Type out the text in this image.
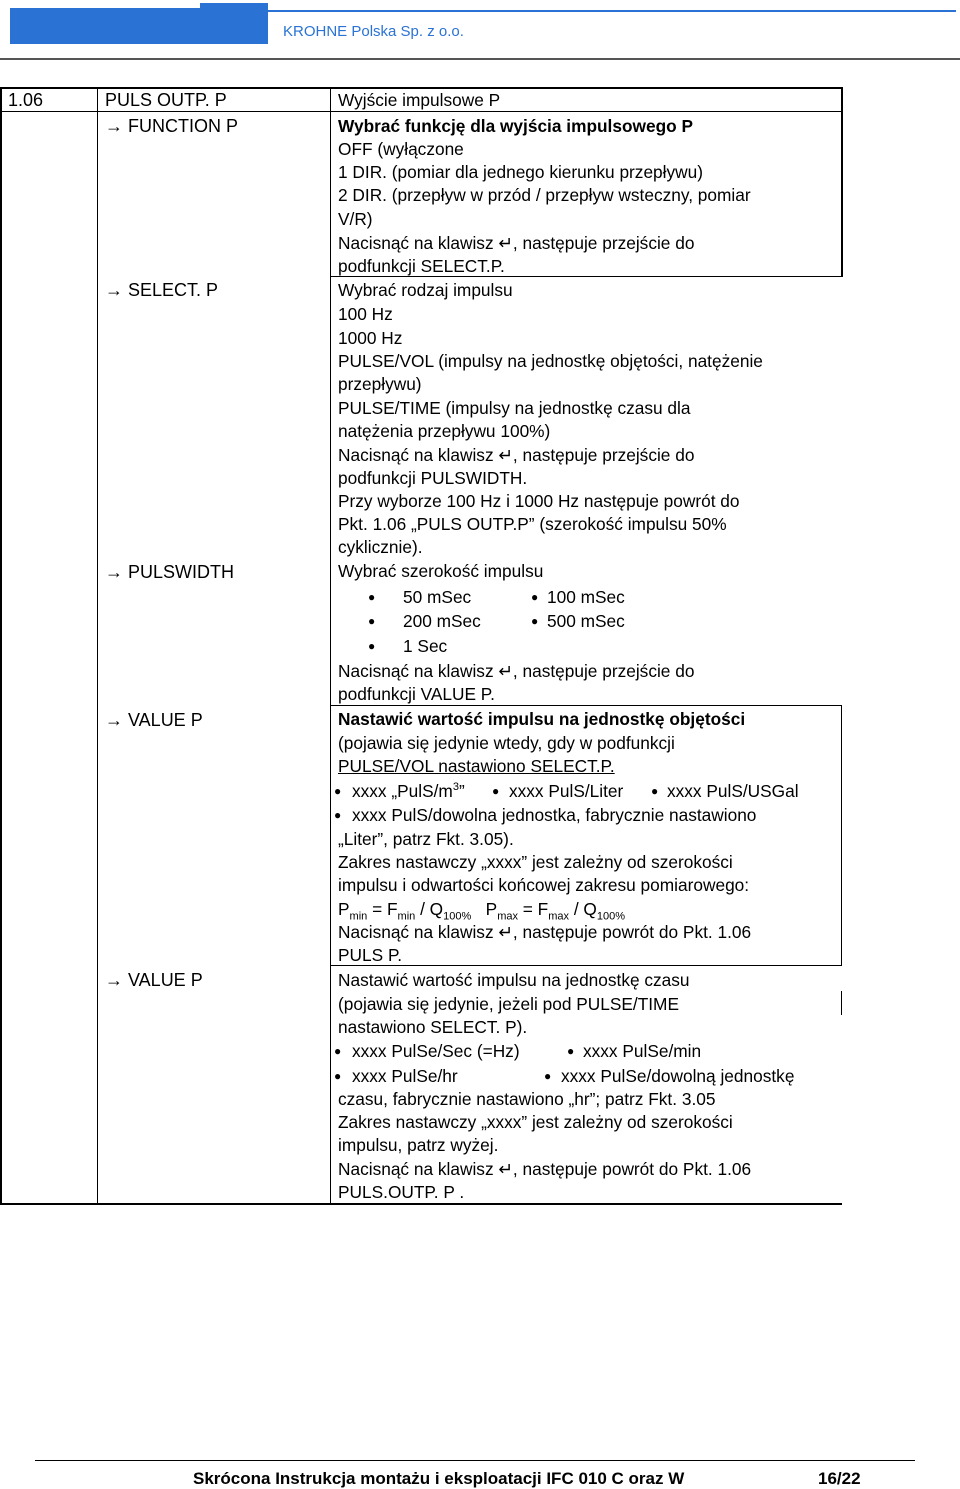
KROHNE Polska Sp. z o.o.
1.06	PULS OUTP. P	Wyjście impulsowe P
→ FUNCTION P	Wybrać funkcję dla wyjścia impulsowego P
OFF (wyłączone
1 DIR. (pomiar dla jednego kierunku przepływu)
2 DIR. (przepływ w przód / przepływ wsteczny, pomiar
V/R)
Nacisnąć na klawisz ↵, następuje przejście do
podfunkcji SELECT.P.
→ SELECT. P	Wybrać rodzaj impulsu
100 Hz
1000 Hz
PULSE/VOL (impulsy na jednostkę objętości, natężenie
przepływu)
PULSE/TIME (impulsy na jednostkę czasu dla
natężenia przepływu 100%)
Nacisnąć na klawisz ↵, następuje przejście do
podfunkcji PULSWIDTH.
Przy wyborze 100 Hz i 1000 Hz następuje powrót do
Pkt. 1.06 „PULS OUTP.P” (szerokość impulsu 50%
cyklicznie).
→ PULSWIDTH	Wybrać szerokość impulsu
● 50 mSec	● 100 mSec
● 200 mSec	● 500 mSec
● 1 Sec
Nacisnąć na klawisz ↵, następuje przejście do
podfunkcji VALUE P.
→ VALUE P	Nastawić wartość impulsu na jednostkę objętości
(pojawia się jedynie wtedy, gdy w podfunkcji
PULSE/VOL nastawiono SELECT.P.
● xxxx $„PulS/m^3$” ● xxxx PulS/Liter ● xxxx PulS/USGal
● xxxx PulS/dowolna jednostka, fabrycznie nastawiono
„Liter”, patrz Fkt. 3.05).
Zakres nastawczy „xxxx” jest zależny od szerokości
impulsu i odwartości końcowej zakresu pomiarowego:
$P_{min} = F_{min} / Q_{100\%}$ $P_{max} = F_{max} / Q_{100\%}$
Nacisnąć na klawisz ↵, następuje powrót do Pkt. 1.06
PULS P.
→ VALUE P	Nastawić wartość impulsu na jednostkę czasu
(pojawia się jedynie, jeżeli pod PULSE/TIME
nastawiono SELECT. P).
● xxxx PulSe/Sec (=Hz)	● xxxx PulSe/min
● xxxx PulSe/hr	● xxxx PulSe/dowolną jednostkę
czasu, fabrycznie nastawiono „hr”; patrz Fkt. 3.05
Zakres nastawczy „xxxx” jest zależny od szerokości
impulsu, patrz wyżej.
Nacisnąć na klawisz ↵, następuje powrót do Pkt. 1.06
PULS.OUTP. P .
Skrócona Instrukcja montażu i eksploatacji IFC 010 C oraz W	16/22
